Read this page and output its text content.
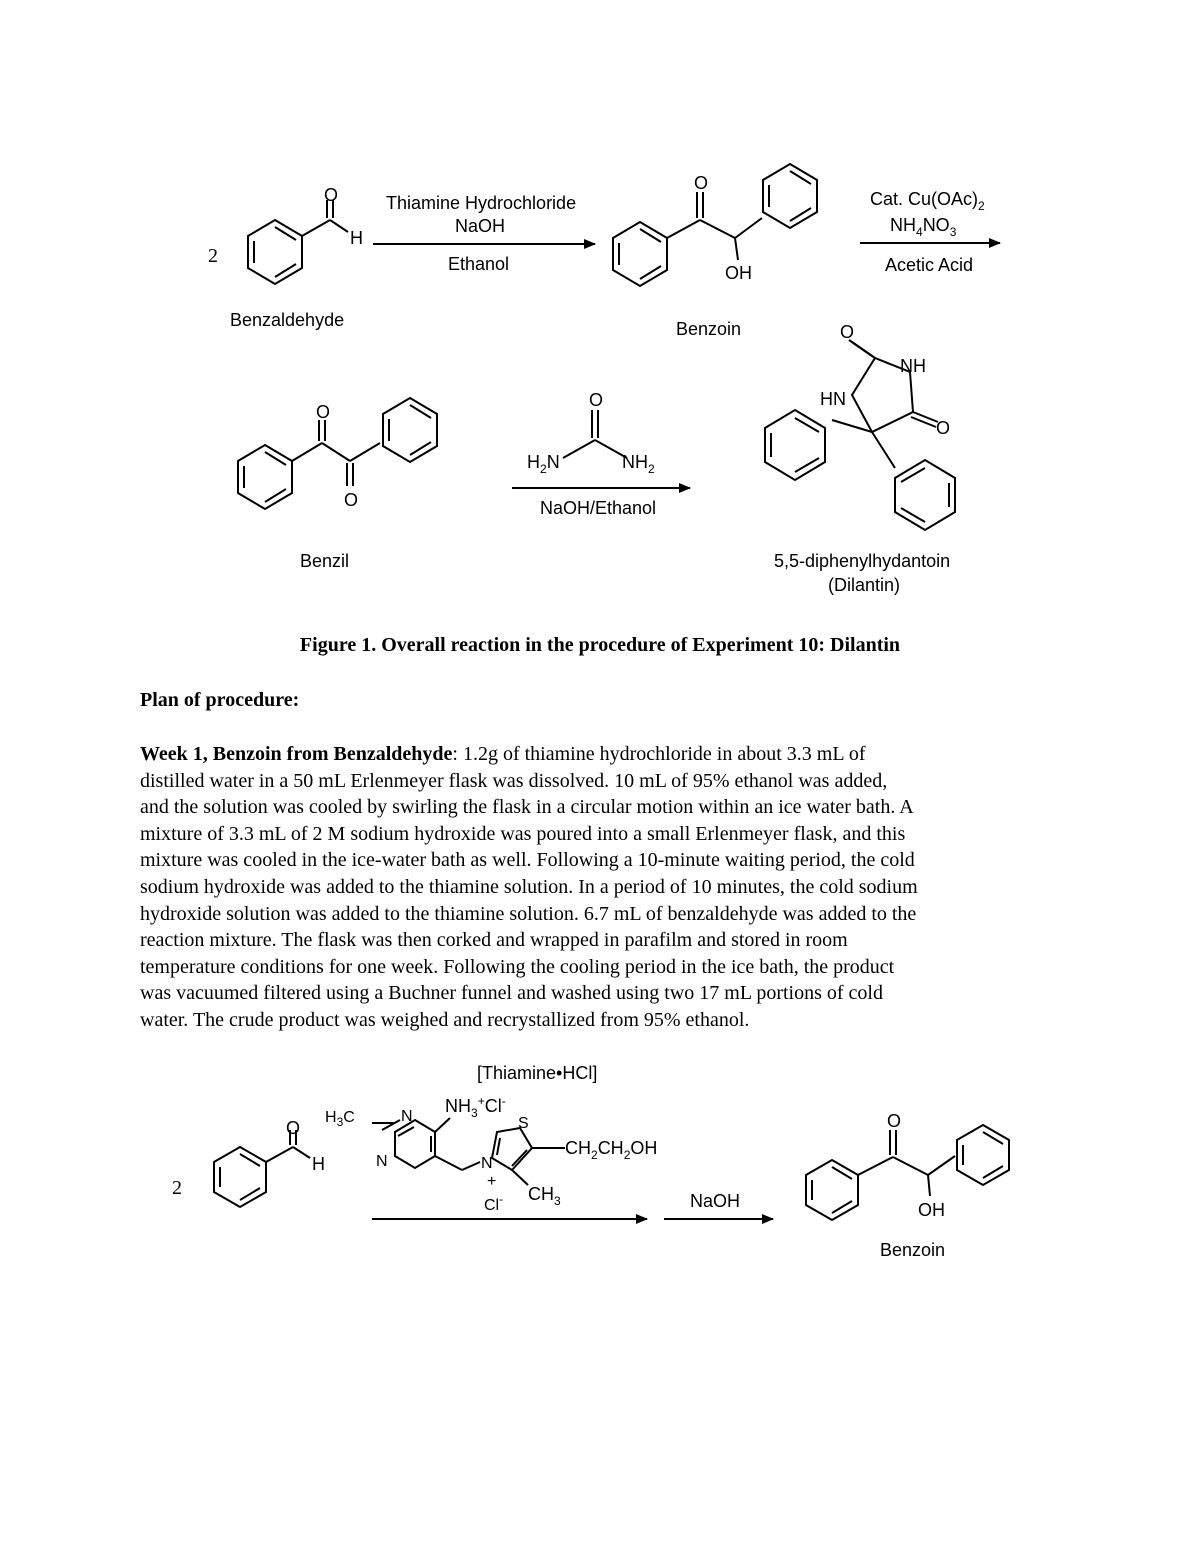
2
O
H
Benzaldehyde
Thiamine Hydrochloride
NaOH
Ethanol
O
OH
Benzoin
Cat. $Cu(OAc)_2$
$NH_4NO_3$
Acetic Acid
O
O
Benzil
O
$H_2N$	$NH_2$
NaOH/Ethanol
O
NH
HN
O
5,5-diphenylhydantoin
(Dilantin)
Figure 1. Overall reaction in the procedure of Experiment 10: Dilantin
Plan of procedure:
Week 1, Benzoin from Benzaldehyde: 1.2g of thiamine hydrochloride in about 3.3 mL of
distilled water in a 50 mL Erlenmeyer flask was dissolved. 10 mL of 95% ethanol was added,
and the solution was cooled by swirling the flask in a circular motion within an ice water bath. A
mixture of 3.3 mL of 2 M sodium hydroxide was poured into a small Erlenmeyer flask, and this
mixture was cooled in the ice-water bath as well. Following a 10-minute waiting period, the cold
sodium hydroxide was added to the thiamine solution. In a period of 10 minutes, the cold sodium
hydroxide solution was added to the thiamine solution. 6.7 mL of benzaldehyde was added to the
reaction mixture. The flask was then corked and wrapped in parafilm and stored in room
temperature conditions for one week. Following the cooling period in the ice bath, the product
was vacuumed filtered using a Buchner funnel and washed using two 17 mL portions of cold
water. The crude product was weighed and recrystallized from 95% ethanol.
[Thiamine•HCl]
2
O
H
$H_3C$	N
N
$NH_3^+Cl^-$
S
N
+
Cl-
$CH_2CH_2OH$
$CH_3$	NaOH
O
OH
Benzoin
